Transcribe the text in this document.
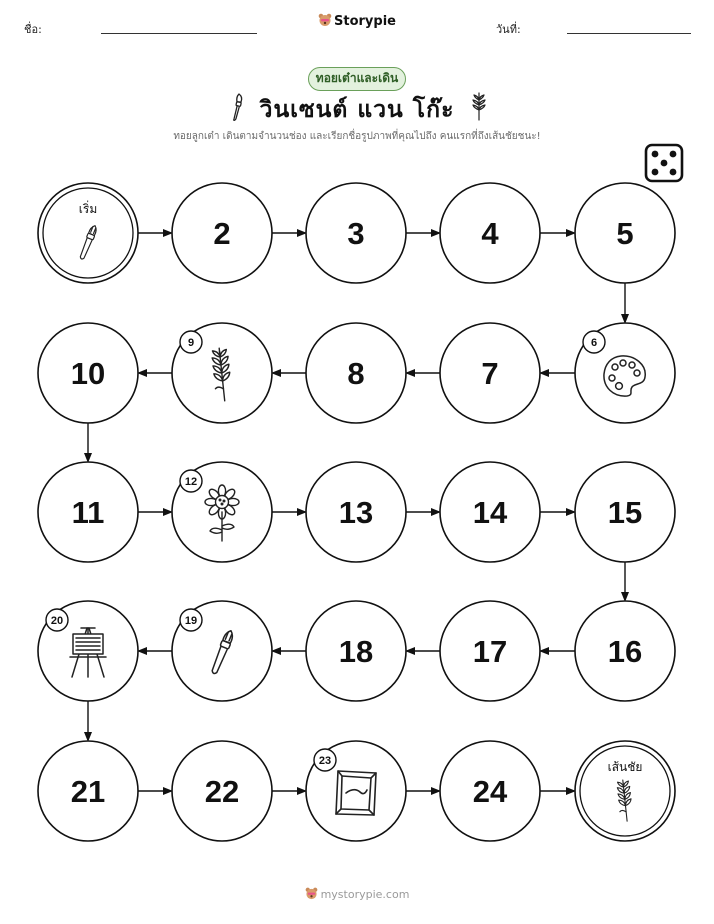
ชื่อ:
Storypie
วันที่:
ทอยเต๋าและเดิน
วินเซนต์ แวน โก๊ะ
ทอยลูกเต๋า เดินตามจำนวนช่อง และเรียกชื่อรูปภาพที่คุณไปถึง คนแรกที่ถึงเส้นชัยชนะ!
เริ่ม
2	3	4	5
6
7
8
9
10
11
12
13	14	15
16
17
18
19
20
21	22
23
24
เส้นชัย
mystorypie.com
